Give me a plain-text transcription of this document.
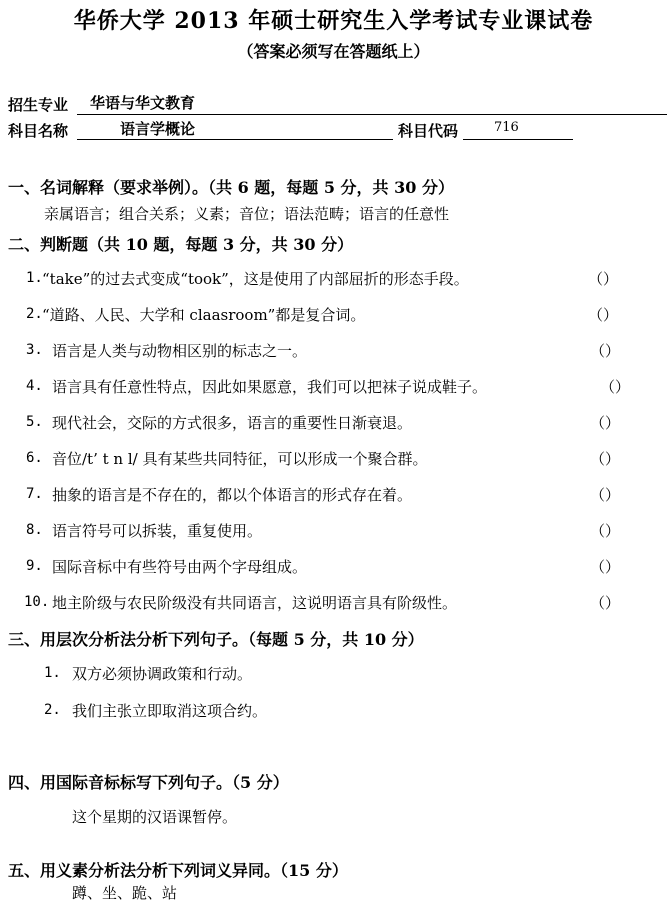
华侨大学 2013 年硕士研究生入学考试专业课试卷
（答案必须写在答题纸上）
招生专业 华语与华文教育
科目名称	语言学概论	科目代码	716
一、名词解释（要求举例）。（共 6 题，每题 5 分，共 30 分）
亲属语言；组合关系；义素；音位；语法范畴；语言的任意性
二、判断题（共 10 题，每题 3 分，共 30 分）
1. “take”的过去式变成“took”，这是使用了内部屈折的形态手段。	（）
2. “道路、人民、大学和 claasroom”都是复合词。	（）
3. 语言是人类与动物相区别的标志之一。	（）
4. 语言具有任意性特点，因此如果愿意，我们可以把袜子说成鞋子。	（）
5. 现代社会，交际的方式很多，语言的重要性日渐衰退。	（）
6. 音位/t’ t n l/ 具有某些共同特征，可以形成一个聚合群。	（）
7. 抽象的语言是不存在的，都以个体语言的形式存在着。	（）
8. 语言符号可以拆装，重复使用。	（）
9. 国际音标中有些符号由两个字母组成。	（）
10. 地主阶级与农民阶级没有共同语言，这说明语言具有阶级性。	（）
三、用层次分析法分析下列句子。（每题 5 分，共 10 分）
1. 双方必须协调政策和行动。
2. 我们主张立即取消这项合约。
四、用国际音标标写下列句子。（5 分）
这个星期的汉语课暂停。
五、用义素分析法分析下列词义异同。（15 分）
蹲、坐、跪、站
